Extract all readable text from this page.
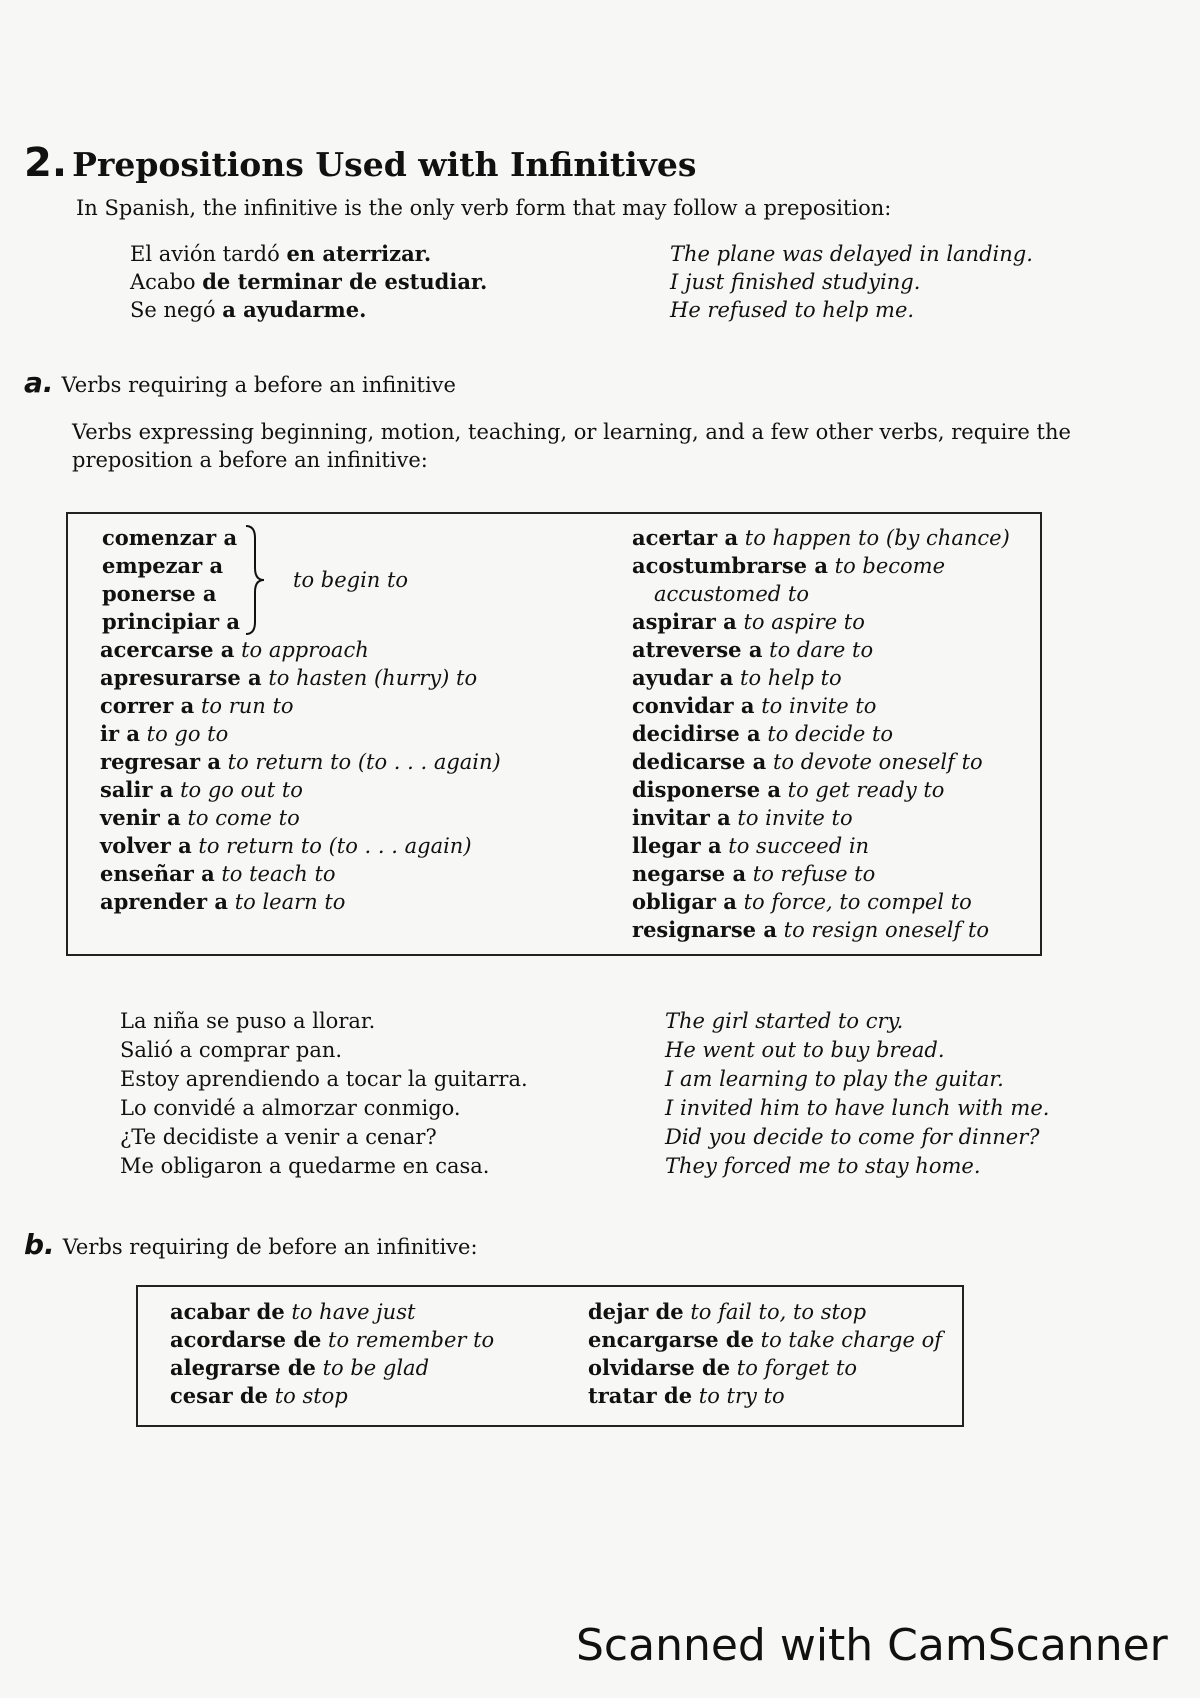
2. Prepositions Used with Infinitives
In Spanish, the infinitive is the only verb form that may follow a preposition:
El avión tardó en aterrizar.
Acabo de terminar de estudiar.
Se negó a ayudarme.
The plane was delayed in landing.
I just finished studying.
He refused to help me.
a. Verbs requiring a before an infinitive
Verbs expressing beginning, motion, teaching, or learning, and a few other verbs, require the preposition a before an infinitive:
comenzar a
empezar a
ponerse a
principiar a
to begin to
acercarse a to approach
apresurarse a to hasten (hurry) to
correr a to run to
ir a to go to
regresar a to return to (to . . . again)
salir a to go out to
venir a to come to
volver a to return to (to . . . again)
enseñar a to teach to
aprender a to learn to
acertar a to happen to (by chance)
acostumbrarse a to become
accustomed to
aspirar a to aspire to
atreverse a to dare to
ayudar a to help to
convidar a to invite to
decidirse a to decide to
dedicarse a to devote oneself to
disponerse a to get ready to
invitar a to invite to
llegar a to succeed in
negarse a to refuse to
obligar a to force, to compel to
resignarse a to resign oneself to
La niña se puso a llorar.
Salió a comprar pan.
Estoy aprendiendo a tocar la guitarra.
Lo convidé a almorzar conmigo.
¿Te decidiste a venir a cenar?
Me obligaron a quedarme en casa.
The girl started to cry.
He went out to buy bread.
I am learning to play the guitar.
I invited him to have lunch with me.
Did you decide to come for dinner?
They forced me to stay home.
b. Verbs requiring de before an infinitive:
acabar de to have just
acordarse de to remember to
alegrarse de to be glad
cesar de to stop
dejar de to fail to, to stop
encargarse de to take charge of
olvidarse de to forget to
tratar de to try to
Scanned with CamScanner
